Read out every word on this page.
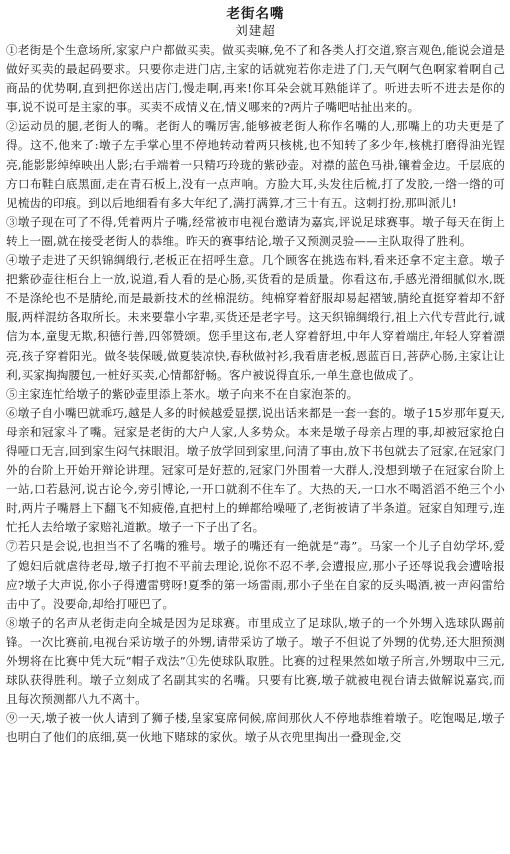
老街名嘴
刘建超

①老街是个生意场所,家家户户都做买卖。做买卖嘛,免不了和各类人打交道,察言观色,能说会道是做好买卖的最起码要求。只要你走进门店,主家的话就宛若你走进了门,天气啊气色啊家着啊自己商品的优势啊,直到把你送出店门,慢走啊,再来!你耳朵会就耳熟能详了。听进去听不进去是你的事,说不说可是主家的事。买卖不成情义在,情义哪来的?两片子嘴吧咕扯出来的。

②运动员的腿,老街人的嘴。老街人的嘴厉害,能够被老街人称作名嘴的人,那嘴上的功夫更是了得。这不,他来了:墩子左手掌心里不停地转动着两只核桃,也不知转了多少年,核桃打磨得油光锃亮,能影影绰绰映出人影;右手端着一只精巧玲珑的紫砂壶。对襟的蓝色马褂,镶着金边。千层底的方口布鞋白底黑面,走在青石板上,没有一点声响。方脸大耳,头发往后梳,打了发胶,一绺一绺的可见梳齿的印痕。到以后地细看有多大年纪了,满打满算,才三十有五。这刺打扮,那叫派儿!

③墩子现在可了不得,凭着两片子嘴,经常被市电视台邀请为嘉宾,评说足球赛事。墩子每天在街上转上一圈,就在接受老街人的恭维。昨天的赛事结论,墩子又预测灵验——主队取得了胜利。

④墩子走进了天织锦绸缎行,老板正在招呼生意。几个顾客在挑选布料,看来还拿不定主意。墩子把紫砂壶往柜台上一放,说道,看人看的是心肠,买货看的是质量。你看这布,手感光滑细腻似水,既不是涤纶也不是腈纶,而是最新技术的丝棉混纺。纯棉穿着舒服却易起褶皱,腈纶直挺穿着却不舒服,两样混纺各取所长。未来要靠小字辈,买货还是老字号。这天织锦绸缎行,祖上六代专营此行,诚信为本,童叟无欺,积德行善,四邻赞颂。您手里这布,老人穿着舒坦,中年人穿着端庄,年轻人穿着漂亮,孩子穿着阳光。做冬装保暖,做夏装凉快,春秋做衬衫,我看唐老板,恩蓝百日,菩萨心肠,主家让让利,买家掏掏腰包,一桩好买卖,心情都舒畅。客户被说得直乐,一单生意也做成了。

⑤主家连忙给墩子的紫砂壶里添上茶水。墩子向来不在自家泡茶的。

⑥墩子自小嘴巴就乖巧,越是人多的时候越爱显摆,说出话来都是一套一套的。墩子15岁那年夏天,母亲和冠家斗了嘴。冠家是老街的大户人家,人多势众。本来是墩子母亲占理的事,却被冠家抢白得哑口无言,回到家生闷气抹眼泪。墩子放学回到家里,问清了事由,放下书包就去了冠家,在冠家门外的台阶上开始开辩论讲理。冠家可是好惹的,冠家门外围着一大群人,没想到墩子在冠家台阶上一站,口若悬河,说古论今,旁引博论,一开口就刹不住车了。大热的天,一口水不喝滔滔不绝三个小时,两片子嘴唇上下翻飞不知疲倦,直把村上的蝉都给噪哑了,老街被请了半条道。冠家自知理亏,连忙托人去给墩子家赔礼道歉。墩子一下子出了名。

⑦若只是会说,也担当不了名嘴的雅号。墩子的嘴还有一绝就是“毒”。马家一个儿子自幼学坏,爱了媳妇后就虐待老母,墩子打抱不平前去理论,说你不忍不孝,会遭报应,那小子还辱说我会遭啥报应?墩子大声说,你小子得遭雷劈呀!夏季的第一场雷雨,那小子坐在自家的反头喝酒,被一声闷雷给击中了。没要命,却给打哑巴了。

⑧墩子的名声从老街走向全城是因为足球赛。市里成立了足球队,墩子的一个外甥入选球队踢前锋。一次比赛前,电视台采访墩子的外甥,请带采访了墩子。墩子不但说了外甥的优势,还大胆预测外甥将在比赛中凭大玩“帽子戏法”①先使球队取胜。比赛的过程果然如墩子所言,外甥取中三元,球队获得胜利。墩子立刻成了名副其实的名嘴。只要有比赛,墩子就被电视台请去做解说嘉宾,而且每次预测都八九不离十。

⑨一天,墩子被一伙人请到了狮子楼,皇家宴席伺候,席间那伙人不停地恭维着墩子。吃饱喝足,墩子也明白了他们的底细,莫一伙地下赌球的家伙。墩子从衣兜里掏出一叠现金,交
